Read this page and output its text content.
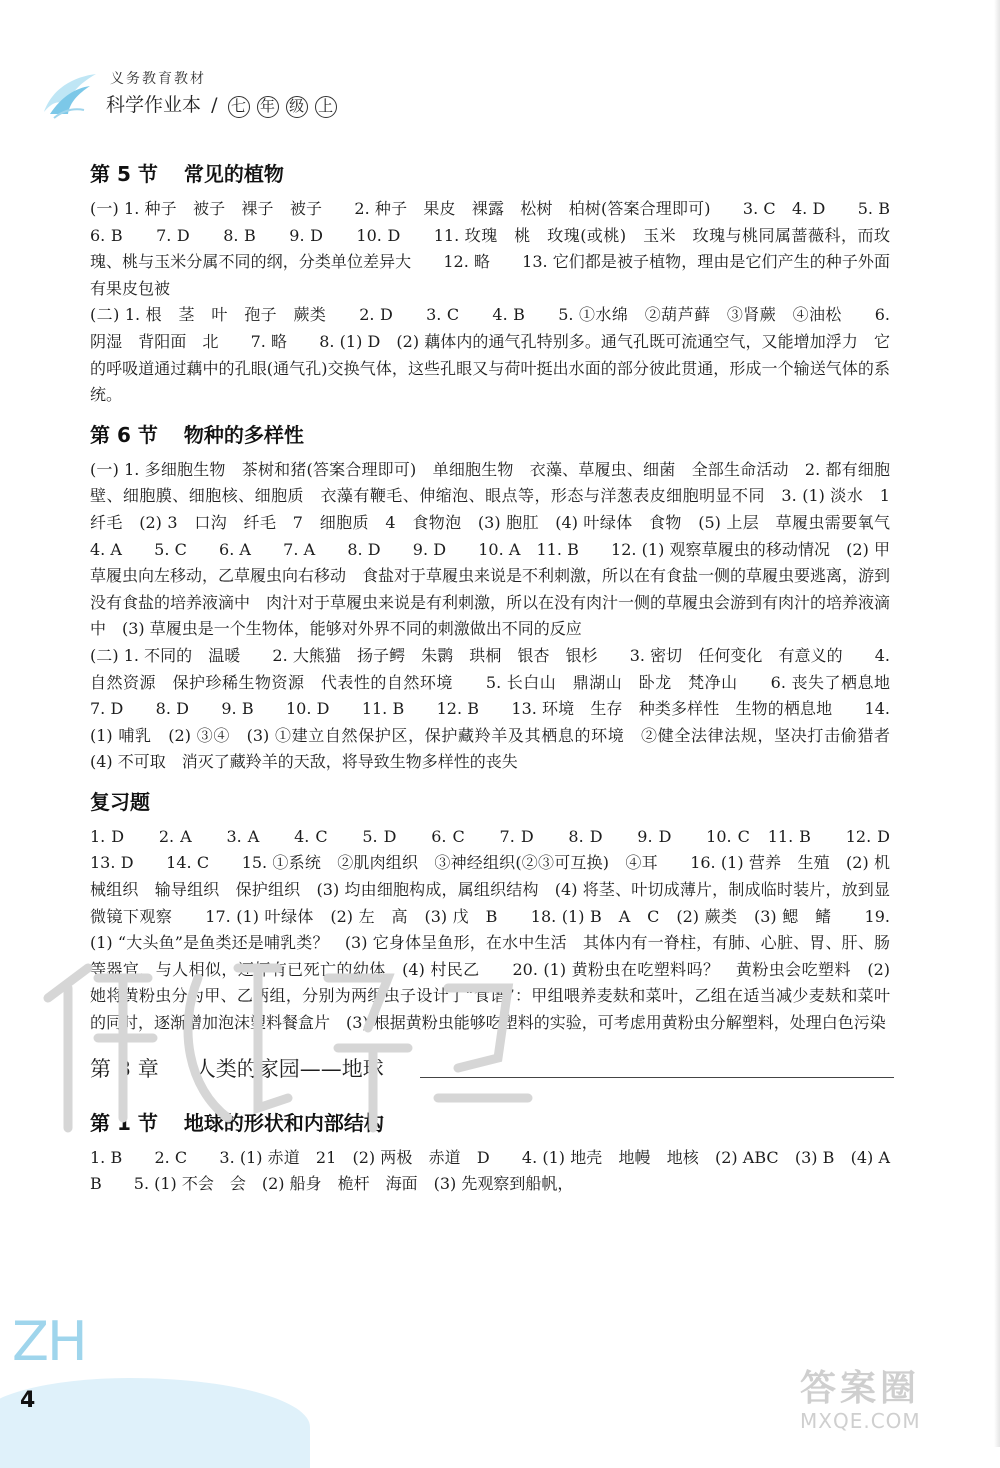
义务教育教材
科学作业本 / 七 年 级 上
第 5 节 常见的植物

(一) 1. 种子　被子　裸子　被子　　2. 种子　果皮　裸露　松树　柏树(答案合理即可)　　3. C　4. D　　5. B　　6. B　　7. D　　8. B　　9. D　　10. D　　11. 玫瑰　桃　玫瑰(或桃)　玉米　玫瑰与桃同属蔷薇科，而玫瑰、桃与玉米分属不同的纲，分类单位差异大　　12. 略　　13. 它们都是被子植物，理由是它们产生的种子外面有果皮包被

(二) 1. 根　茎　叶　孢子　蕨类　　2. D　　3. C　　4. B　　5. ①水绵　②葫芦藓　③肾蕨　④油松　　6. 阴湿　背阳面　北　　7. 略　　8. (1) D　(2) 藕体内的通气孔特别多。通气孔既可流通空气，又能增加浮力　它的呼吸道通过藕中的孔眼(通气孔)交换气体，这些孔眼又与荷叶挺出水面的部分彼此贯通，形成一个输送气体的系统。

第 6 节 物种的多样性

(一) 1. 多细胞生物　茶树和猪(答案合理即可)　单细胞生物　衣藻、草履虫、细菌　全部生命活动　2. 都有细胞壁、细胞膜、细胞核、细胞质　衣藻有鞭毛、伸缩泡、眼点等，形态与洋葱表皮细胞明显不同　3. (1) 淡水　1　纤毛　(2) 3　口沟　纤毛　7　细胞质　4　食物泡　(3) 胞肛　(4) 叶绿体　食物　(5) 上层　草履虫需要氧气　　4. A　　5. C　　6. A　　7. A　　8. D　　9. D　　10. A　11. B　　12. (1) 观察草履虫的移动情况　(2) 甲草履虫向左移动，乙草履虫向右移动　食盐对于草履虫来说是不利刺激，所以在有食盐一侧的草履虫要逃离，游到没有食盐的培养液滴中　肉汁对于草履虫来说是有利刺激，所以在没有肉汁一侧的草履虫会游到有肉汁的培养液滴中　(3) 草履虫是一个生物体，能够对外界不同的刺激做出不同的反应

(二) 1. 不同的　温暖　　2. 大熊猫　扬子鳄　朱鹮　珙桐　银杏　银杉　　3. 密切　任何变化　有意义的　　4. 自然资源　保护珍稀生物资源　代表性的自然环境　　5. 长白山　鼎湖山　卧龙　梵净山　　6. 丧失了栖息地　　7. D　　8. D　　9. B　　10. D　　11. B　　12. B　　13. 环境　生存　种类多样性　生物的栖息地　　14. (1) 哺乳　(2) ③④　(3) ①建立自然保护区，保护藏羚羊及其栖息的环境　②健全法律法规，坚决打击偷猎者　(4) 不可取　消灭了藏羚羊的天敌，将导致生物多样性的丧失

复习题

1. D　　2. A　　3. A　　4. C　　5. D　　6. C　　7. D　　8. D　　9. D　　10. C　11. B　　12. D　　13. D　　14. C　　15. ①系统　②肌肉组织　③神经组织(②③可互换)　④耳　　16. (1) 营养　生殖　(2) 机械组织　输导组织　保护组织　(3) 均由细胞构成，属组织结构　(4) 将茎、叶切成薄片，制成临时装片，放到显微镜下观察　　17. (1) 叶绿体　(2) 左　高　(3) 戊　B　　18. (1) B　A　C　(2) 蕨类　(3) 鳃　鳍　　19. (1) “大头鱼”是鱼类还是哺乳类？　(3) 它身体呈鱼形，在水中生活　其体内有一脊柱，有肺、心脏、胃、肝、肠等器官，与人相似，还怀有已死亡的幼体　(4) 村民乙　　20. (1) 黄粉虫在吃塑料吗？　黄粉虫会吃塑料　(2) 她将黄粉虫分为甲、乙两组，分别为两组虫子设计了“食谱”：甲组喂养麦麸和菜叶，乙组在适当减少麦麸和菜叶的同时，逐渐增加泡沫塑料餐盒片　(3) 根据黄粉虫能够吃塑料的实验，可考虑用黄粉虫分解塑料，处理白色污染

第 3 章 人类的家园——地球
第 1 节 地球的形状和内部结构

1. B　　2. C　　3. (1) 赤道　21　(2) 两极　赤道　D　　4. (1) 地壳　地幔　地核　(2) ABC　(3) B　(4) A　B　　5. (1) 不会　会　(2) 船身　桅杆　海面　(3) 先观察到船帆，

ZH
4	答案圈
MXQE.COM
